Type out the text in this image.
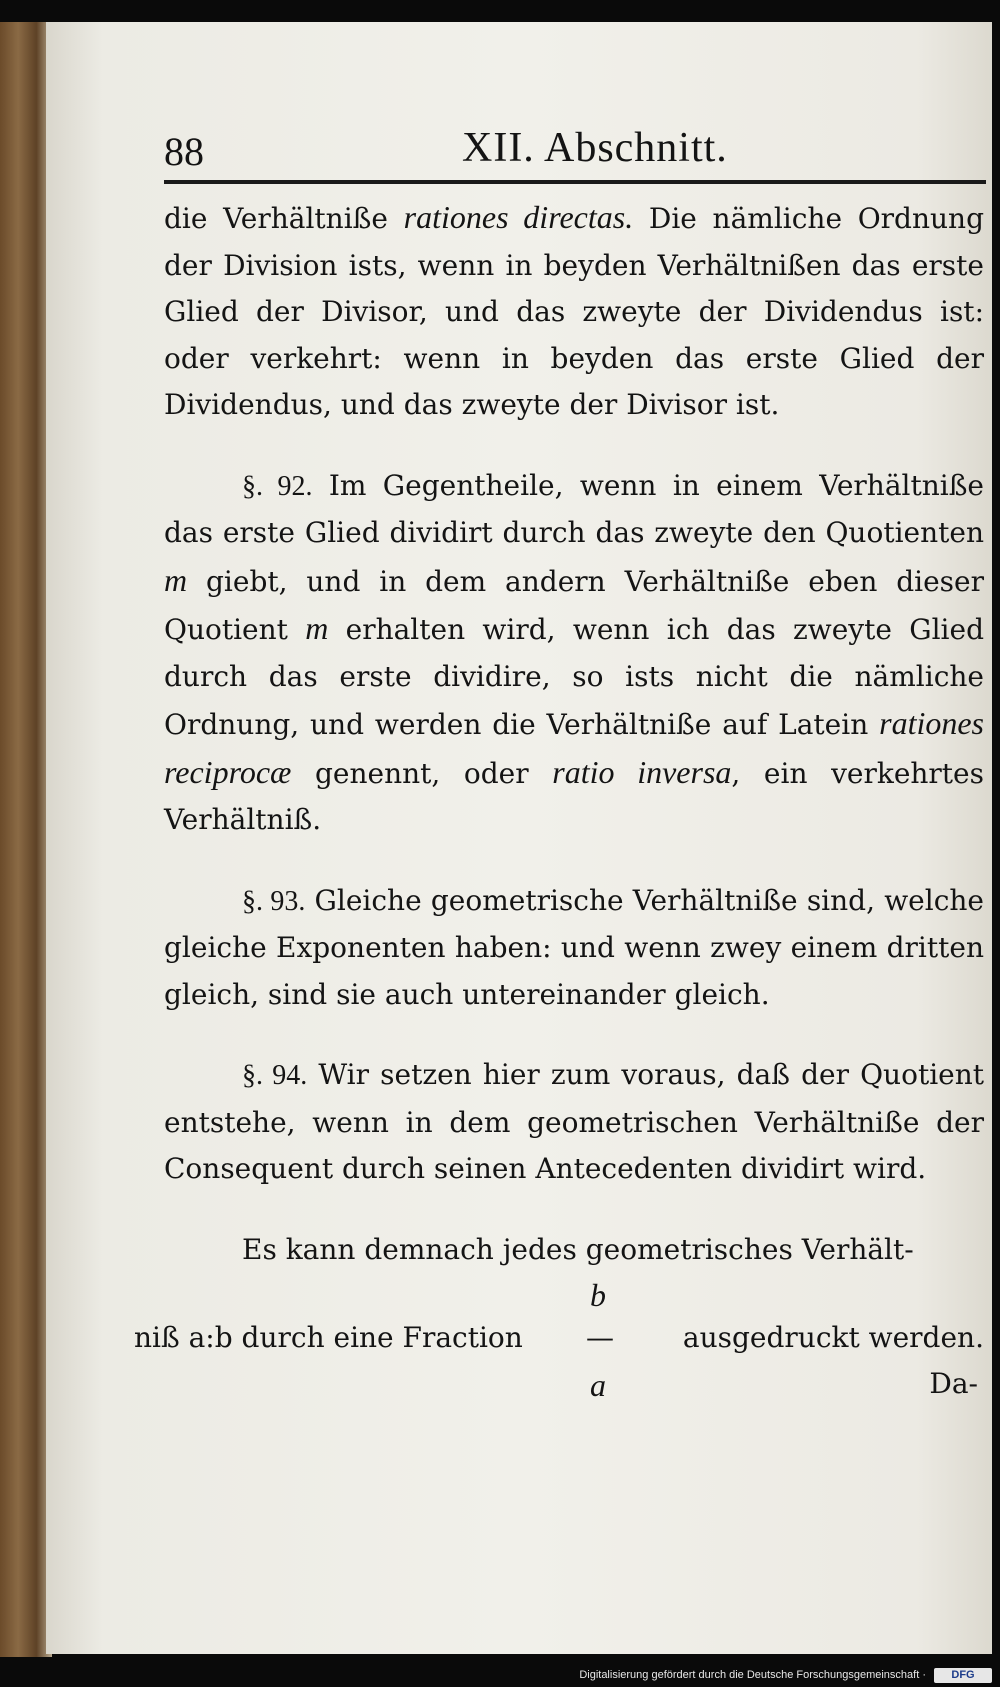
88	XII. Abschnitt.

die Verhältniße rationes directas. Die nämliche Ordnung der Division ists, wenn in beyden Verhältnißen das erste Glied der Divisor, und das zweyte der Dividendus ist: oder verkehrt: wenn in beyden das erste Glied der Dividendus, und das zweyte der Divisor ist.

§. 92. Im Gegentheile, wenn in einem Verhältniße das erste Glied dividirt durch das zweyte den Quotienten m giebt, und in dem andern Verhältniße eben dieser Quotient m erhalten wird, wenn ich das zweyte Glied durch das erste dividire, so ists nicht die nämliche Ordnung, und werden die Verhältniße auf Latein rationes reciprocæ genennt, oder ratio inversa, ein verkehrtes Verhältniß.

§. 93. Gleiche geometrische Verhältniße sind, welche gleiche Exponenten haben: und wenn zwey einem dritten gleich, sind sie auch untereinander gleich.

§. 94. Wir setzen hier zum voraus, daß der Quotient entstehe, wenn in dem geometrischen Verhältniße der Consequent durch seinen Antecedenten dividirt wird.

Es kann demnach jedes geometrisches Verhält-

b
niß a:b durch eine Fraction — ausgedruckt werden.
a	Da-
Digitalisierung gefördert durch die Deutsche Forschungsgemeinschaft ·	DFG
